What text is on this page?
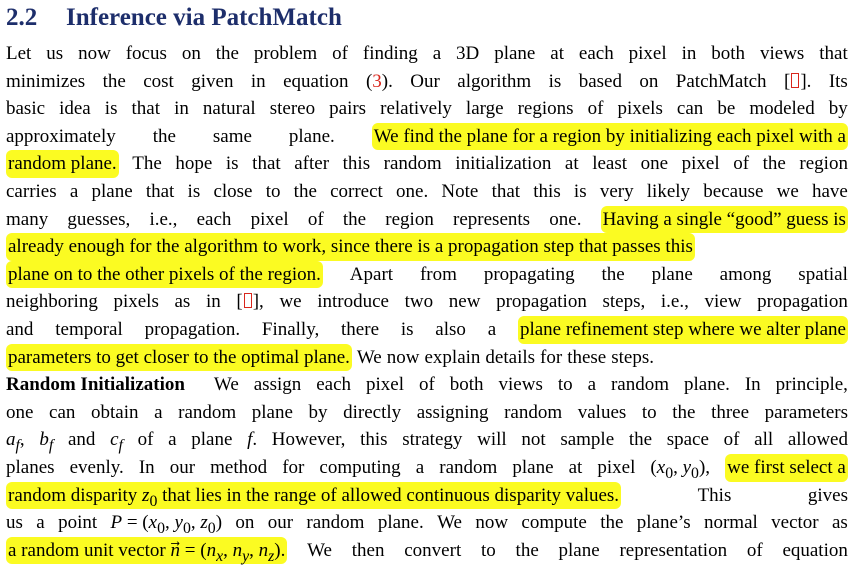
2.2 Inference via PatchMatch
Let us now focus on the problem of finding a 3D plane at each pixel in both views that
minimizes the cost given in equation (3). Our algorithm is based on PatchMatch [ ]. Its
basic idea is that in natural stereo pairs relatively large regions of pixels can be modeled by
approximately the same plane. We find the plane for a region by initializing each pixel with a
random plane. The hope is that after this random initialization at least one pixel of the region
carries a plane that is close to the correct one. Note that this is very likely because we have
many guesses, i.e., each pixel of the region represents one. Having a single “good” guess is
already enough for the algorithm to work, since there is a propagation step that passes this
plane on to the other pixels of the region. Apart from propagating the plane among spatial
neighboring pixels as in [ ], we introduce two new propagation steps, i.e., view propagation
and temporal propagation. Finally, there is also a plane refinement step where we alter plane
parameters to get closer to the optimal plane. We now explain details for these steps.
Random Initialization We assign each pixel of both views to a random plane. In principle,
one can obtain a random plane by directly assigning random values to the three parameters
$a_f$, $b_f$ and $c_f$ of a plane f. However, this strategy will not sample the space of all allowed
planes evenly. In our method for computing a random plane at pixel ($x_0$, $y_0$), we first select a
random disparity $z_0$ that lies in the range of allowed continuous disparity values.	This	gives
us a point $P = (x_0$, $y_0$, $z_0$) on our random plane. We now compute the plane’s normal vector as
a random unit vector n⃗ = ($n_x$, $n_y$, $n_z$). We then convert to the plane representation of equation
